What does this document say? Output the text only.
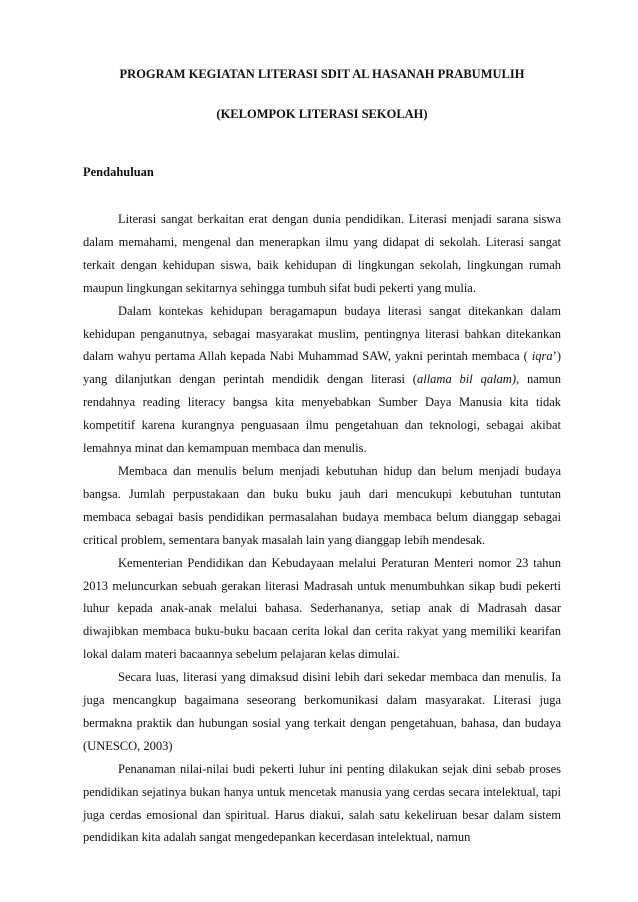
PROGRAM KEGIATAN LITERASI SDIT AL HASANAH PRABUMULIH

(KELOMPOK LITERASI SEKOLAH)

Pendahuluan

Literasi sangat berkaitan erat dengan dunia pendidikan. Literasi menjadi sarana siswa dalam memahami, mengenal dan menerapkan ilmu yang didapat di sekolah. Literasi sangat terkait dengan kehidupan siswa, baik kehidupan di lingkungan sekolah, lingkungan rumah maupun lingkungan sekitarnya sehingga tumbuh sifat budi pekerti yang mulia.

Dalam kontekas kehidupan beragamapun budaya literasi sangat ditekankan dalam kehidupan penganutnya, sebagai masyarakat muslim, pentingnya literasi bahkan ditekankan dalam wahyu pertama Allah kepada Nabi Muhammad SAW, yakni perintah membaca ( iqra’) yang dilanjutkan dengan perintah mendidik dengan literasi (allama bil qalam), namun rendahnya reading literacy bangsa kita menyebabkan Sumber Daya Manusia kita tidak kompetitif karena kurangnya penguasaan ilmu pengetahuan dan teknologi, sebagai akibat lemahnya minat dan kemampuan membaca dan menulis.

Membaca dan menulis belum menjadi kebutuhan hidup dan belum menjadi budaya bangsa. Jumlah perpustakaan dan buku buku jauh dari mencukupi kebutuhan tuntutan membaca sebagai basis pendidikan permasalahan budaya membaca belum dianggap sebagai critical problem, sementara banyak masalah lain yang dianggap lebih mendesak.

Kementerian Pendidikan dan Kebudayaan melalui Peraturan Menteri nomor 23 tahun 2013 meluncurkan sebuah gerakan literasi Madrasah untuk menumbuhkan sikap budi pekerti luhur kepada anak-anak melalui bahasa. Sederhananya, setiap anak di Madrasah dasar diwajibkan membaca buku-buku bacaan cerita lokal dan cerita rakyat yang memiliki kearifan lokal dalam materi bacaannya sebelum pelajaran kelas dimulai.

Secara luas, literasi yang dimaksud disini lebih dari sekedar membaca dan menulis. Ia juga mencangkup bagaimana seseorang berkomunikasi dalam masyarakat. Literasi juga bermakna praktik dan hubungan sosial yang terkait dengan pengetahuan, bahasa, dan budaya (UNESCO, 2003)

Penanaman nilai-nilai budi pekerti luhur ini penting dilakukan sejak dini sebab proses pendidikan sejatinya bukan hanya untuk mencetak manusia yang cerdas secara intelektual, tapi juga cerdas emosional dan spiritual. Harus diakui, salah satu kekeliruan besar dalam sistem pendidikan kita adalah sangat mengedepankan kecerdasan intelektual, namun
